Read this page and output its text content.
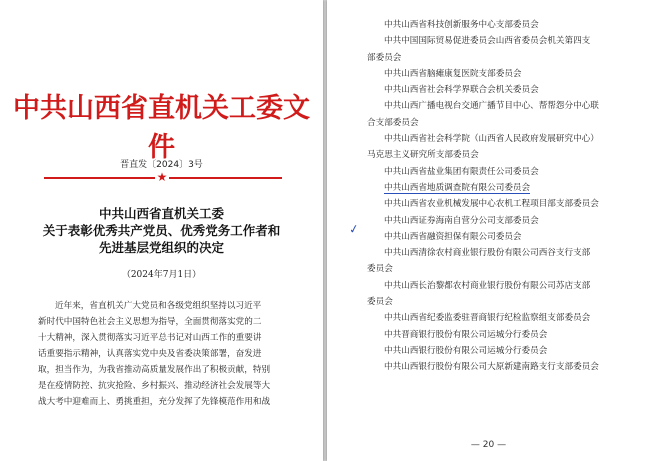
中共山西省直机关工委文件
晋直发〔2024〕3号
★
中共山西省直机关工委
关于表彰优秀共产党员、优秀党务工作者和
先进基层党组织的决定
（2024年7月1日）
近年来，省直机关广大党员和各级党组织坚持以习近平
新时代中国特色社会主义思想为指导，全面贯彻落实党的二
十大精神，深入贯彻落实习近平总书记对山西工作的重要讲
话重要指示精神，认真落实党中央及省委决策部署，奋发进
取，担当作为，为我省推动高质量发展作出了积极贡献，特别
是在疫情防控、抗灾抢险、乡村振兴、推动经济社会发展等大
战大考中迎难而上、勇挑重担，充分发挥了先锋模范作用和战
✓
中共山西省科技创新服务中心支部委员会
中共中国国际贸易促进委员会山西省委员会机关第四支
部委员会
中共山西省脑瘫康复医院支部委员会
中共山西省社会科学界联合会机关委员会
中共山西广播电视台交通广播节目中心、帮帮怨分中心联
合支部委员会
中共山西省社会科学院（山西省人民政府发展研究中心）
马克思主义研究所支部委员会
中共山西省盐业集团有限责任公司委员会
中共山西省地质调查院有限公司委员会
中共山西省农业机械发展中心农机工程项目部支部委员会
中共山西证券海南自营分公司支部委员会
中共山西省融资担保有限公司委员会
中共山西清徐农村商业银行股份有限公司西谷支行支部
委员会
中共山西长治黎都农村商业银行股份有限公司苏店支部
委员会
中共山西省纪委监委驻晋商银行纪检监察组支部委员会
中共晋商银行股份有限公司运城分行委员会
中共山西银行股份有限公司运城分行委员会
中共山西银行股份有限公司大原新建南路支行支部委员会
— 20 —
